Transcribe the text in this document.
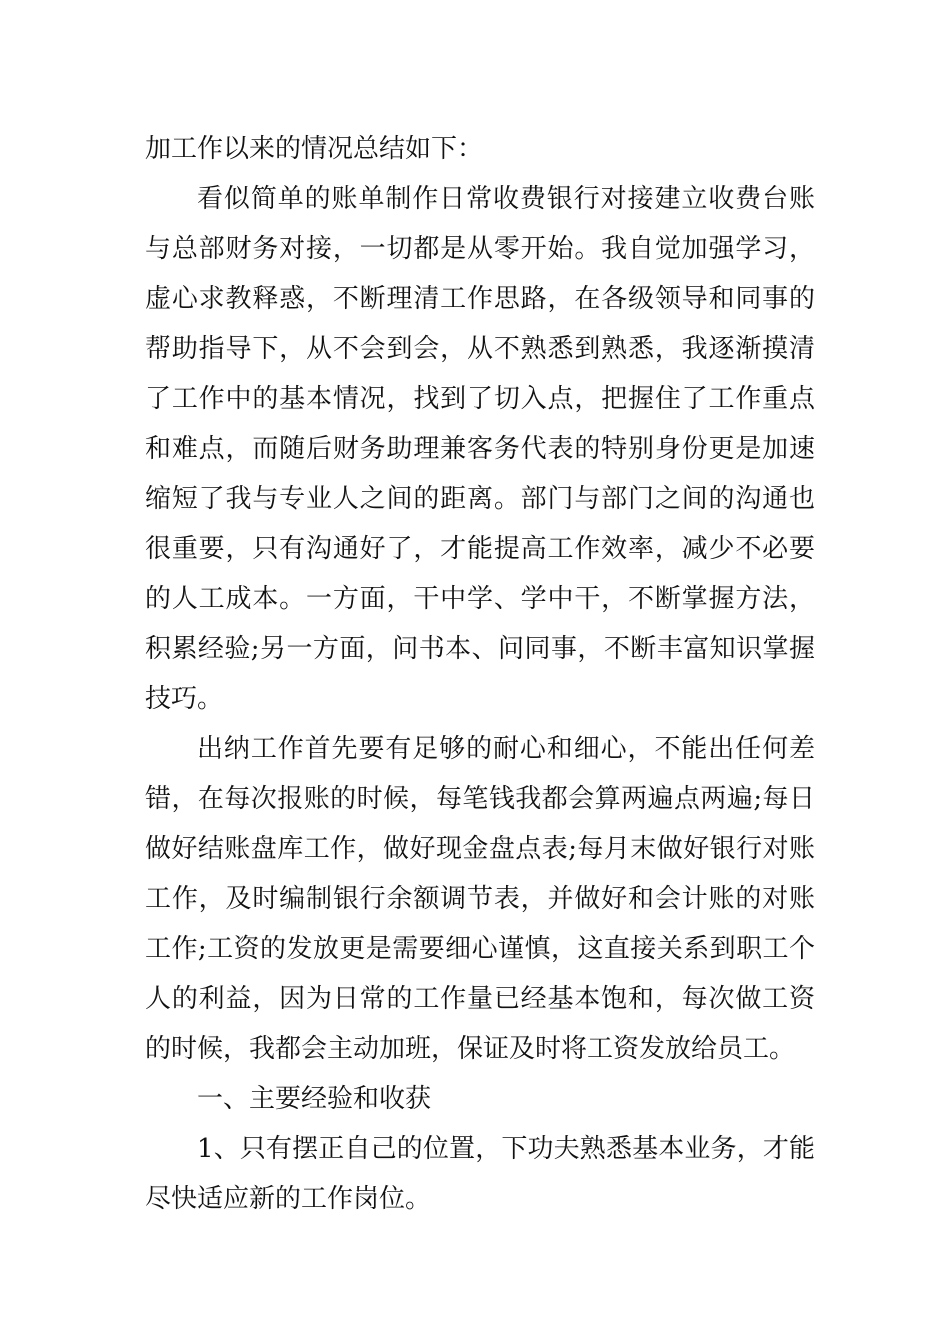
加工作以来的情况总结如下：
看似简单的账单制作日常收费银行对接建立收费台账
与总部财务对接，一切都是从零开始。我自觉加强学习，
虚心求教释惑，不断理清工作思路，在各级领导和同事的
帮助指导下，从不会到会，从不熟悉到熟悉，我逐渐摸清
了工作中的基本情况，找到了切入点，把握住了工作重点
和难点，而随后财务助理兼客务代表的特别身份更是加速
缩短了我与专业人之间的距离。部门与部门之间的沟通也
很重要，只有沟通好了，才能提高工作效率，减少不必要
的人工成本。一方面，干中学、学中干，不断掌握方法，
积累经验;另一方面，问书本、问同事，不断丰富知识掌握
技巧。
出纳工作首先要有足够的耐心和细心，不能出任何差
错，在每次报账的时候，每笔钱我都会算两遍点两遍;每日
做好结账盘库工作，做好现金盘点表;每月末做好银行对账
工作，及时编制银行余额调节表，并做好和会计账的对账
工作;工资的发放更是需要细心谨慎，这直接关系到职工个
人的利益，因为日常的工作量已经基本饱和，每次做工资
的时候，我都会主动加班，保证及时将工资发放给员工。
一、主要经验和收获
1、只有摆正自己的位置，下功夫熟悉基本业务，才能
尽快适应新的工作岗位。
